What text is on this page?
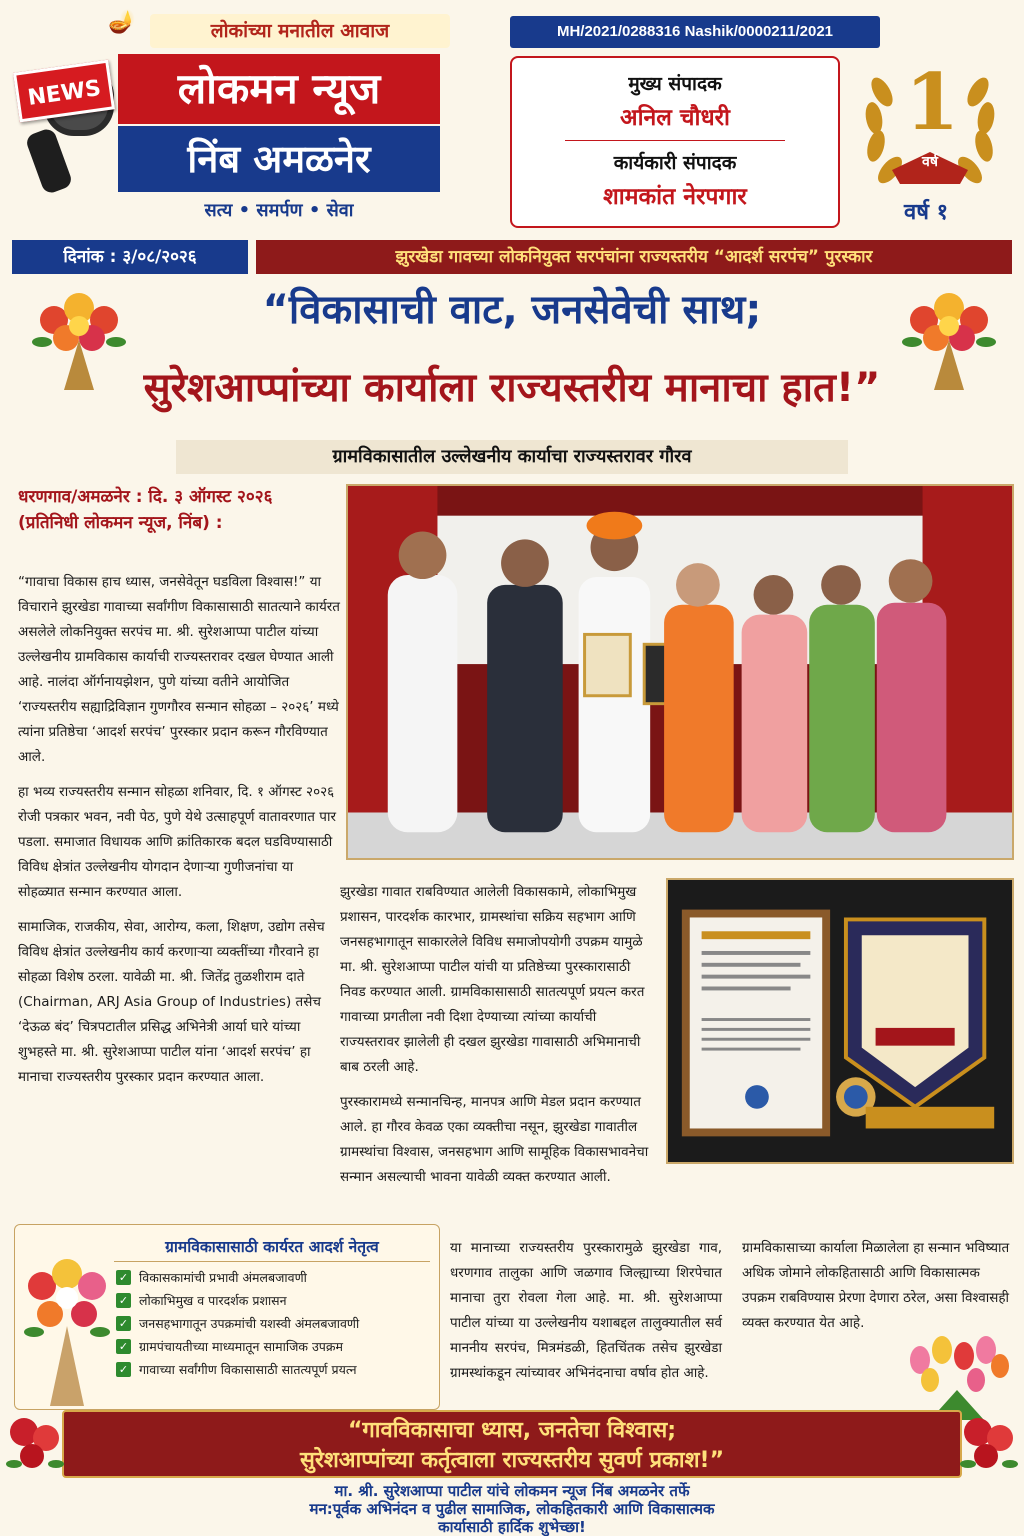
🪔	लोकांच्या मनातील आवाज
NEWS	लोकमन न्यूज
निंब अमळनेर
सत्य • समर्पण • सेवा
MH/2021/0288316 Nashik/0000211/2021
मुख्य संपादक
अनिल चौधरी
कार्यकारी संपादक
शामकांत नेरपगार
1
वर्ष
वर्ष १
दिनांक : ३/०८/२०२६	झुरखेडा गावच्या लोकनियुक्त सरपंचांना राज्यस्तरीय “आदर्श सरपंच” पुरस्कार
“विकासाची वाट, जनसेवेची साथ;
सुरेशआप्पांच्या कार्याला राज्यस्तरीय मानाचा हात!”
ग्रामविकासातील उल्लेखनीय कार्याचा राज्यस्तरावर गौरव
धरणगाव/अमळनेर : दि. ३ ऑगस्ट २०२६ (प्रतिनिधी लोकमन न्यूज, निंब) :

“गावाचा विकास हाच ध्यास, जनसेवेतून घडविला विश्वास!” या विचाराने झुरखेडा गावाच्या सर्वांगीण विकासासाठी सातत्याने कार्यरत असलेले लोकनियुक्त सरपंच मा. श्री. सुरेशआप्पा पाटील यांच्या उल्लेखनीय ग्रामविकास कार्याची राज्यस्तरावर दखल घेण्यात आली आहे. नालंदा ऑर्गनायझेशन, पुणे यांच्या वतीने आयोजित ‘राज्यस्तरीय सह्याद्रिविज्ञान गुणगौरव सन्मान सोहळा – २०२६’ मध्ये त्यांना प्रतिष्ठेचा ‘आदर्श सरपंच’ पुरस्कार प्रदान करून गौरविण्यात आले.

हा भव्य राज्यस्तरीय सन्मान सोहळा शनिवार, दि. १ ऑगस्ट २०२६ रोजी पत्रकार भवन, नवी पेठ, पुणे येथे उत्साहपूर्ण वातावरणात पार पडला. समाजात विधायक आणि क्रांतिकारक बदल घडविण्यासाठी विविध क्षेत्रांत उल्लेखनीय योगदान देणाऱ्या गुणीजनांचा या सोहळ्यात सन्मान करण्यात आला.

सामाजिक, राजकीय, सेवा, आरोग्य, कला, शिक्षण, उद्योग तसेच विविध क्षेत्रांत उल्लेखनीय कार्य करणाऱ्या व्यक्तींच्या गौरवाने हा सोहळा विशेष ठरला. यावेळी मा. श्री. जितेंद्र तुळशीराम दाते (Chairman, ARJ Asia Group of Industries) तसेच ‘देऊळ बंद’ चित्रपटातील प्रसिद्ध अभिनेत्री आर्या घारे यांच्या शुभहस्ते मा. श्री. सुरेशआप्पा पाटील यांना ‘आदर्श सरपंच’ हा मानाचा राज्यस्तरीय पुरस्कार प्रदान करण्यात आला.

झुरखेडा गावात राबविण्यात आलेली विकासकामे, लोकाभिमुख प्रशासन, पारदर्शक कारभार, ग्रामस्थांचा सक्रिय सहभाग आणि जनसहभागातून साकारलेले विविध समाजोपयोगी उपक्रम यामुळे मा. श्री. सुरेशआप्पा पाटील यांची या प्रतिष्ठेच्या पुरस्कारासाठी निवड करण्यात आली. ग्रामविकासासाठी सातत्यपूर्ण प्रयत्न करत गावाच्या प्रगतीला नवी दिशा देण्याच्या त्यांच्या कार्याची राज्यस्तरावर झालेली ही दखल झुरखेडा गावासाठी अभिमानाची बाब ठरली आहे.

पुरस्कारामध्ये सन्मानचिन्ह, मानपत्र आणि मेडल प्रदान करण्यात आले. हा गौरव केवळ एका व्यक्तीचा नसून, झुरखेडा गावातील ग्रामस्थांचा विश्वास, जनसहभाग आणि सामूहिक विकासभावनेचा सन्मान असल्याची भावना यावेळी व्यक्त करण्यात आली.

ग्रामविकासासाठी कार्यरत आदर्श नेतृत्व
✓ विकासकामांची प्रभावी अंमलबजावणी
✓ लोकाभिमुख व पारदर्शक प्रशासन
✓ जनसहभागातून उपक्रमांची यशस्वी अंमलबजावणी
✓ ग्रामपंचायतीच्या माध्यमातून सामाजिक उपक्रम
✓ गावाच्या सर्वांगीण विकासासाठी सातत्यपूर्ण प्रयत्न

या मानाच्या राज्यस्तरीय पुरस्कारामुळे झुरखेडा गाव, धरणगाव तालुका आणि जळगाव जिल्ह्याच्या शिरपेचात मानाचा तुरा रोवला गेला आहे. मा. श्री. सुरेशआप्पा पाटील यांच्या या उल्लेखनीय यशाबद्दल तालुक्यातील सर्व माननीय सरपंच, मित्रमंडळी, हितचिंतक तसेच झुरखेडा ग्रामस्थांकडून त्यांच्यावर अभिनंदनाचा वर्षाव होत आहे.

ग्रामविकासाच्या कार्याला मिळालेला हा सन्मान भविष्यात अधिक जोमाने लोकहितासाठी आणि विकासात्मक उपक्रम राबविण्यास प्रेरणा देणारा ठरेल, असा विश्वासही व्यक्त करण्यात येत आहे.

“गावविकासाचा ध्यास, जनतेचा विश्वास;
सुरेशआप्पांच्या कर्तृत्वाला राज्यस्तरीय सुवर्ण प्रकाश!”
मा. श्री. सुरेशआप्पा पाटील यांचे लोकमन न्यूज निंब अमळनेर तर्फे
मन:पूर्वक अभिनंदन व पुढील सामाजिक, लोकहितकारी आणि विकासात्मक
कार्यासाठी हार्दिक शुभेच्छा!
